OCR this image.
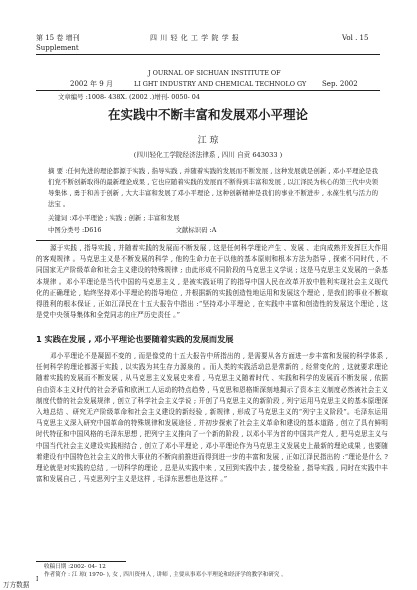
第 15 卷 增刊
Supplement
四 川 轻 化 工 学 院 学 报	Vol . 15
J OURNAL OF SICHUAN INSTITUTE OF
2002 年 9 月	LI GHT INDUSTRY AND CHEMICAL TECHNOLO GY Sep. 2002
文章编号 :1008- 438X. (2002 .)增刊- 0050- 04
在实践中不断丰富和发展邓小平理论
江 琼
(四川轻化工学院经济法律系 , 四川 自贡 643033 )
摘 要 :任何先进的理论都源于实践 , 指导实践 , 并随着实践的发展而不断发展 , 这种发展就是创新 , 邓小平理论是我们党不断创新取得的最新理论成果 , 它也应随着实践的发展而不断得到丰富和发展 , 以江泽民为核心的第三代中央领导集体 , 勇于和善于创新 , 大大丰富和发展了邓小平理论 , 这种创新精神是我们的事业不断进步 , 永葆生机与活力的法宝 。
关键词 :邓小平理论 ; 实践 ; 创新 ; 丰富和发展
中图分类号 :D616	文献标识码 :A
源于实践 , 指导实践 , 并随着实践的发展而不断发展 , 这是任何科学理论产生 、发展 、走向成熟并发挥巨大作用的客观规律 。马克思主义是不断发展的科学 , 他的生命力在于以他的基本原则和根本方法为指导 , 探索不同时代 , 不同国家无产阶级革命和社会主义建设的特殊规律 ; 由此形成不同阶段的马克思主义学说 ; 这是马克思主义发展的一条基本规律 。邓小平理论是当代中国的马克思主义 , 是被实践证明了的指导中国人民在改革开放中胜利实现社会主义现代化的正确理论 , 始终坚持邓小平理论的指导地位 , 并根据新的实践创造性地运用和发展这个理论 , 是我们的事业不断取得胜利的根本保证 , 正如江泽民在十五大报告中指出 :“坚持邓小平理论 , 在实践中丰富和创造性的发展这个理论 , 这是党中央领导集体和全党同志的庄严历史责任 。”
1 实践在发展 , 邓小平理论也要随着实践的发展而发展
邓小平理论不是凝固不变的 , 而是像党的十五大报告中所指出的 , 是需要从各方面进一步丰富和发展的科学体系 , 任何科学的理论都源于实践 , 以实践为其生存力源泉的 。而人类的实践活动总是常新的 , 经常变化的 , 这就要求理论随着实践的发展而不断发展 , 从马克思主义发展史来看 , 马克思主义随着时代 、实践和科学的发展而不断发展 , 依据自由资本主义时代的社会矛盾和欧洲工人运动的特点趋势 , 马克思和恩格斯深刻地揭示了资本主义制度必然被社会主义制度代替的社会发展规律 , 创立了科学社会主义学说 ; 开创了马克思主义的新阶段 , 列宁运用马克思主义的基本原理深入地总结 、研究无产阶级革命和社会主义建设的新经验 , 新规律 , 形成了马克思主义的“列宁主义阶段”。毛泽东运用马克思主义深入研究中国革命的特殊规律和发展途径 , 并初步探索了社会主义革命和建设的基本道路 , 创立了具有鲜明时代特征和中国风格的毛泽东思想 , 把列宁主义推向了一个新的阶段 , 以邓小平为首的中国共产党人 , 把马克思主义与中国当代社会主义建设实践相结合 , 创立了邓小平理论 , 邓小平理论作为马克思主义发展史上最新的理论成果 , 也要随着建设有中国特色社会主义的伟大事业的不断向前推进而得到进一步的丰富和发展 , 正如江泽民指出的 :“理论是什么 ? 理论就是对实践的总结 , 一切科学的理论 , 总是从实践中来 , 又回到实践中去 , 接受检验 , 指导实践 , 同时在实践中丰富和发展自己 , 马克思列宁主义是这样 , 毛泽东思想也是这样 。”
收稿日期 :2002- 04- 12
作者简介 : 江 琼( 1970- ), 女 , 四川资州人 , 讲师 , 主要从事邓小平理论和经济学的教学和研究 。
I
万方数据
